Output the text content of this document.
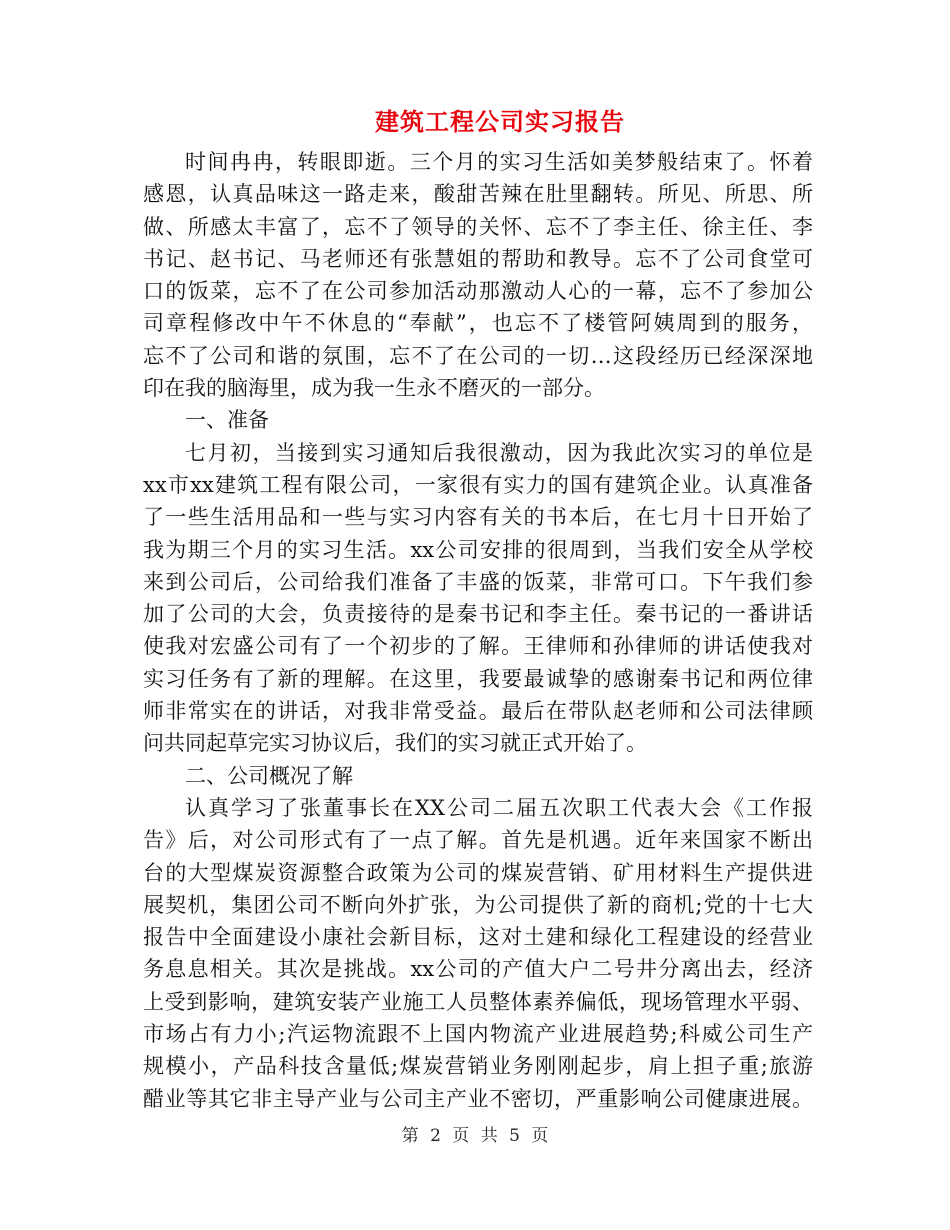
建筑工程公司实习报告

时间冉冉，转眼即逝。三个月的实习生活如美梦般结束了。怀着
感恩，认真品味这一路走来，酸甜苦辣在肚里翻转。所见、所思、所
做、所感太丰富了，忘不了领导的关怀、忘不了李主任、徐主任、李
书记、赵书记、马老师还有张慧姐的帮助和教导。忘不了公司食堂可
口的饭菜，忘不了在公司参加活动那激动人心的一幕，忘不了参加公
司章程修改中午不休息的“奉献”，也忘不了楼管阿姨周到的服务，
忘不了公司和谐的氛围，忘不了在公司的一切…这段经历已经深深地
印在我的脑海里，成为我一生永不磨灭的一部分。

一、准备

七月初，当接到实习通知后我很激动，因为我此次实习的单位是
xx市xx建筑工程有限公司，一家很有实力的国有建筑企业。认真准备
了一些生活用品和一些与实习内容有关的书本后，在七月十日开始了
我为期三个月的实习生活。xx公司安排的很周到，当我们安全从学校
来到公司后，公司给我们准备了丰盛的饭菜，非常可口。下午我们参
加了公司的大会，负责接待的是秦书记和李主任。秦书记的一番讲话
使我对宏盛公司有了一个初步的了解。王律师和孙律师的讲话使我对
实习任务有了新的理解。在这里，我要最诚挚的感谢秦书记和两位律
师非常实在的讲话，对我非常受益。最后在带队赵老师和公司法律顾
问共同起草完实习协议后，我们的实习就正式开始了。

二、公司概况了解

认真学习了张董事长在XX公司二届五次职工代表大会《工作报
告》后，对公司形式有了一点了解。首先是机遇。近年来国家不断出
台的大型煤炭资源整合政策为公司的煤炭营销、矿用材料生产提供进
展契机，集团公司不断向外扩张，为公司提供了新的商机;党的十七大
报告中全面建设小康社会新目标，这对土建和绿化工程建设的经营业
务息息相关。其次是挑战。xx公司的产值大户二号井分离出去，经济
上受到影响，建筑安装产业施工人员整体素养偏低，现场管理水平弱、
市场占有力小;汽运物流跟不上国内物流产业进展趋势;科威公司生产
规模小，产品科技含量低;煤炭营销业务刚刚起步，肩上担子重;旅游
醋业等其它非主导产业与公司主产业不密切，严重影响公司健康进展。

第 2 页 共 5 页
